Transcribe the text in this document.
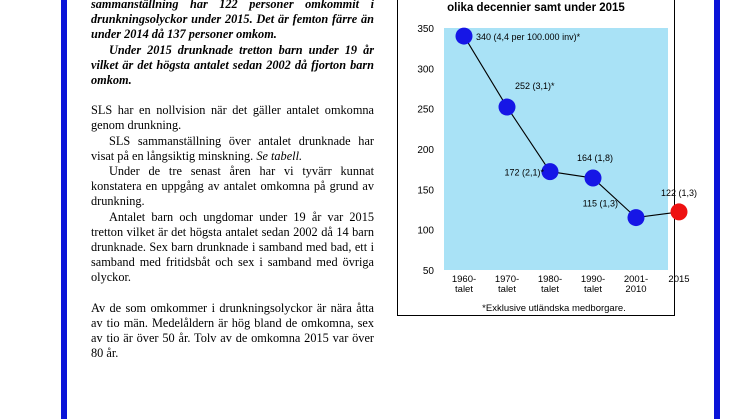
sammanställning har 122 personer omkommit i drunkningsolyckor under 2015. Det är femton färre än under 2014 då 137 personer omkom.

Under 2015 drunknade tretton barn under 19 år vilket är det högsta antalet sedan 2002 då fjorton barn omkom.

SLS har en nollvision när det gäller antalet omkomna genom drunkning.

SLS sammanställning över antalet drunknade har visat på en långsiktig minskning. Se tabell.

Under de tre senast åren har vi tyvärr kunnat konstatera en uppgång av antalet omkomna på grund av drunkning.

Antalet barn och ungdomar under 19 år var 2015 tretton vilket är det högsta antalet sedan 2002 då 14 barn drunknade. Sex barn drunknade i samband med bad, ett i samband med fritidsbåt och sex i samband med övriga olyckor.

Av de som omkommer i drunkningsolyckor är nära åtta av tio män. Medelåldern är hög bland de omkomna, sex av tio är över 50 år. Tolv av de omkomna 2015 var över 80 år.

olika decennier samt under 2015
50
100
150
200
250
300
350
340 (4,4 per 100.000 inv)*
252 (3,1)*
172 (2,1)*
164 (1,8)
115 (1,3)
122 (1,3)
1960-
talet
1970-
talet
1980-
talet
1990-
talet
2001-
2010
2015
*Exklusive utländska medborgare.
